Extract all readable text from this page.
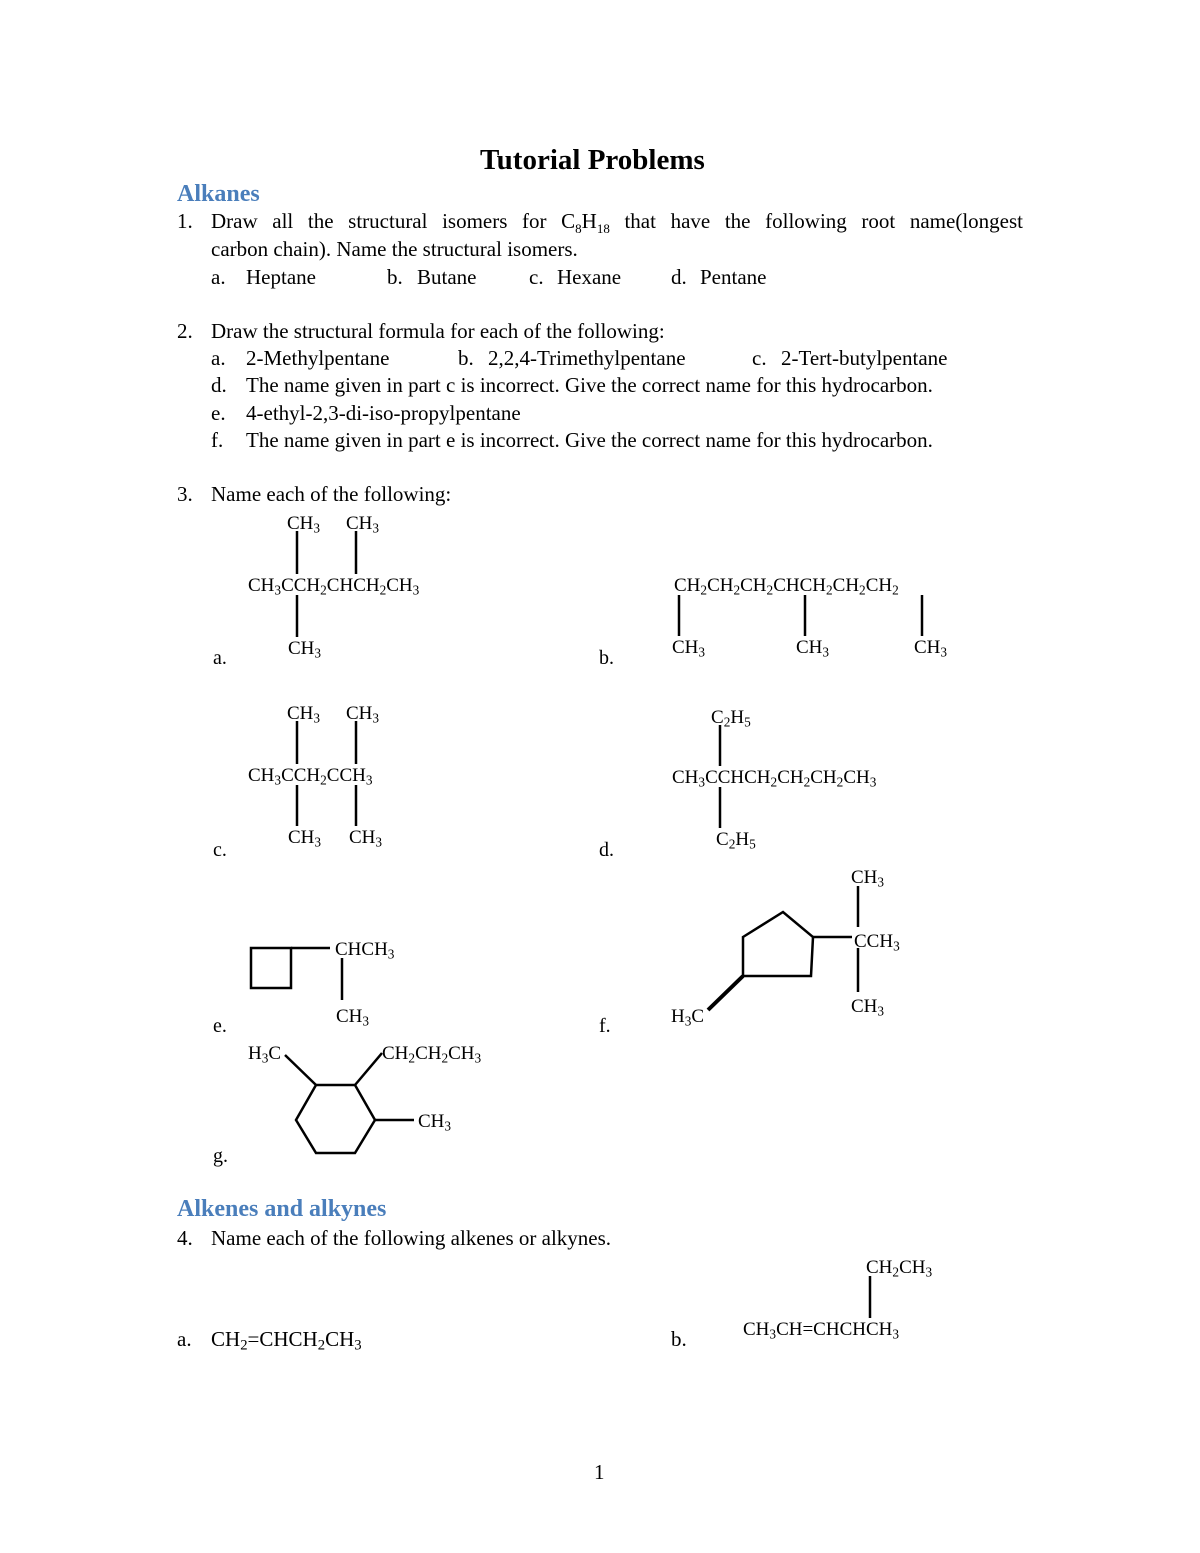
Tutorial Problems
Alkanes
1. Draw all the structural isomers for $C_8H_{18}$ that have the following root name(longest
carbon chain). Name the structural isomers.
a. Heptane	b. Butane	c. Hexane d. Pentane
2. Draw the structural formula for each of the following:
a. 2-Methylpentane	b. 2,2,4-Trimethylpentane	c. 2-Tert-butylpentane
d. The name given in part c is incorrect. Give the correct name for this hydrocarbon.
e. 4-ethyl-2,3-di-iso-propylpentane
f. The name given in part e is incorrect. Give the correct name for this hydrocarbon.
3. Name each of the following:
a.	b.
c.	d.
e.	f.
g.
$CH_3$ $CH_3$
$CH_3CCH_2CHCH_2CH_3$
$CH_3$
$CH_2CH_2CH_2CHCH_2CH_2CH_2$
$CH_3$	$CH_3$	$CH_3$
$CH_3$ $CH_3$
$CH_3CCH_2CCH_3$
$CH_3$ $CH_3$
$C_2H_5$
$CH_3CCHCH_2CH_2CH_2CH_3$
$C_2H_5$
$CHCH_3$
$CH_3$
$CH_3$
$CCH_3$
$CH_3$
$H_3C$
$H_3C$	$CH_2CH_2CH_3$
$CH_3$
Alkenes and alkynes
4. Name each of the following alkenes or alkynes.
a. $CH_2=CHCH_2CH_3$	b.
$CH_2CH_3$
$CH_3CH=CHCHCH_3$
1
